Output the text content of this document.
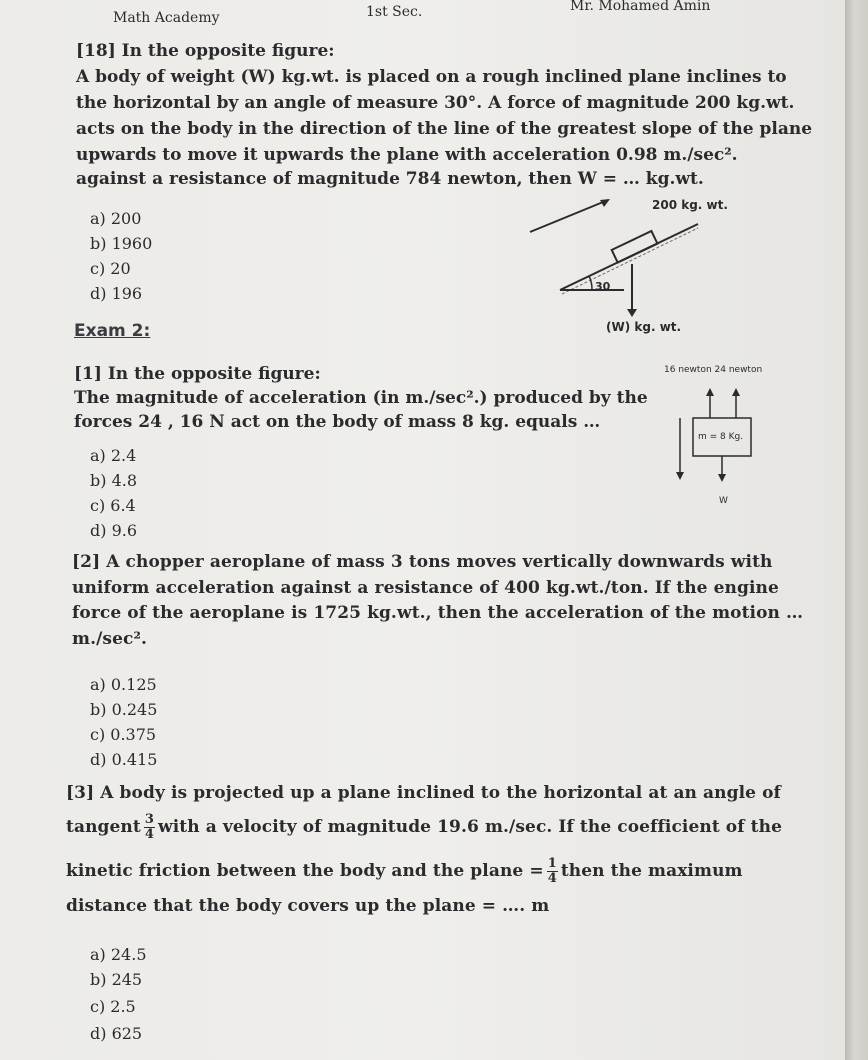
Math Academy	1st Sec.	Mr. Mohamed Amin
[18] In the opposite figure:
A body of weight (W) kg.wt. is placed on a rough inclined plane inclines to
the horizontal by an angle of measure 30°. A force of magnitude 200 kg.wt.
acts on the body in the direction of the line of the greatest slope of the plane
upwards to move it upwards the plane with acceleration 0.98 m./sec².
against a resistance of magnitude 784 newton, then W = … kg.wt.
a) 200
b) 1960
c) 20
d) 196
200 kg. wt.
30
(W) kg. wt.
Exam 2:
[1] In the opposite figure:
The magnitude of acceleration (in m./sec².) produced by the
forces 24 , 16 N act on the body of mass 8 kg. equals …
a) 2.4
b) 4.8
c) 6.4
d) 9.6
16 newton 24 newton
m = 8 Kg.
W
[2] A chopper aeroplane of mass 3 tons moves vertically downwards with
uniform acceleration against a resistance of 400 kg.wt./ton. If the engine
force of the aeroplane is 1725 kg.wt., then the acceleration of the motion …
m./sec².
a) 0.125
b) 0.245
c) 0.375
d) 0.415
[3] A body is projected up a plane inclined to the horizontal at an angle of
tangent $\frac{3}{4}$ with a velocity of magnitude 19.6 m./sec. If the coefficient of the
kinetic friction between the body and the plane = $\frac{1}{4}$ then the maximum
distance that the body covers up the plane = …. m
a) 24.5
b) 245
c) 2.5
d) 625
